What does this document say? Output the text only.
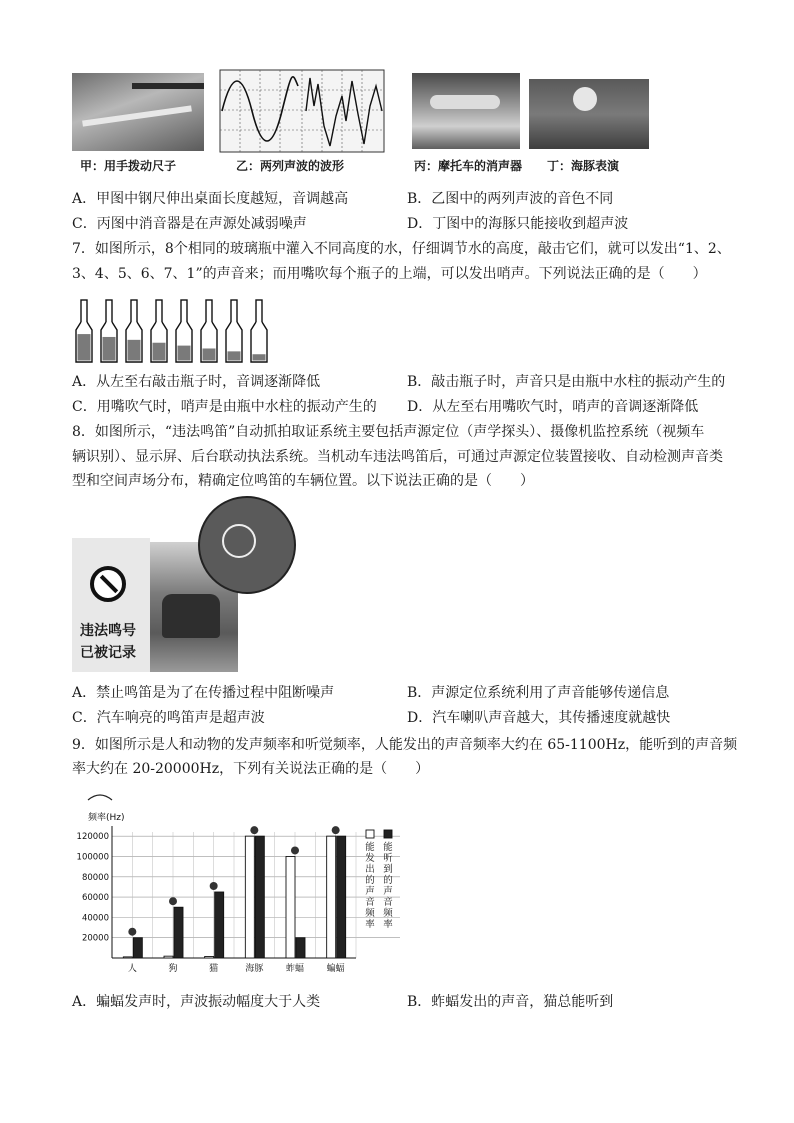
甲：用手拨动尺子	乙：两列声波的波形	丙：摩托车的消声器 丁：海豚表演
A．甲图中钢尺伸出桌面长度越短，音调越高	B．乙图中的两列声波的音色不同
C．丙图中消音器是在声源处减弱噪声	D．丁图中的海豚只能接收到超声波
7．如图所示，8个相同的玻璃瓶中灌入不同高度的水，仔细调节水的高度，敲击它们，就可以发出“1、2、
3、4、5、6、7、1”的声音来；而用嘴吹每个瓶子的上端，可以发出哨声。下列说法正确的是（　　）
A．从左至右敲击瓶子时，音调逐渐降低	B．敲击瓶子时，声音只是由瓶中水柱的振动产生的
C．用嘴吹气时，哨声是由瓶中水柱的振动产生的 D．从左至右用嘴吹气时，哨声的音调逐渐降低
8．如图所示，“违法鸣笛”自动抓拍取证系统主要包括声源定位（声学探头）、摄像机监控系统（视频车
辆识别）、显示屏、后台联动执法系统。当机动车违法鸣笛后，可通过声源定位装置接收、自动检测声音类
型和空间声场分布，精确定位鸣笛的车辆位置。以下说法正确的是（　　）
违法鸣号
已被记录
A．禁止鸣笛是为了在传播过程中阻断噪声	B．声源定位系统利用了声音能够传递信息
C．汽车响亮的鸣笛声是超声波	D．汽车喇叭声音越大，其传播速度就越快
9．如图所示是人和动物的发声频率和听觉频率，人能发出的声音频率大约在 65-1100Hz，能听到的声音频
率大约在 20-20000Hz，下列有关说法正确的是（　　）
频率(Hz)
120000
100000
80000
60000
40000
20000
人	狗	猫	海豚	蚱蝠	蝙蝠
能发出的声音频率
能听到的声音频率
A．蝙蝠发声时，声波振动幅度大于人类	B．蚱蝠发出的声音，猫总能听到
